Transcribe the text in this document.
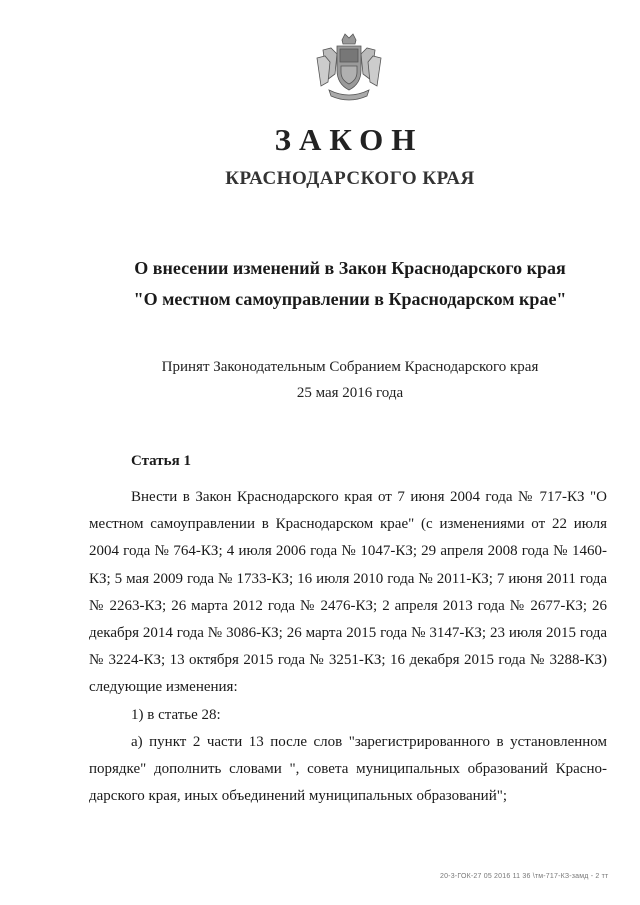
ЗАКОН
КРАСНОДАРСКОГО КРАЯ
О внесении изменений в Закон Краснодарского края
"О местном самоуправлении в Краснодарском крае"
Принят Законодательным Собранием Краснодарского края
25 мая 2016 года
Статья 1

Внести в Закон Краснодарского края от 7 июня 2004 года № 717-КЗ "О местном самоуправлении в Краснодарском крае" (с изменениями от 22 июля 2004 года № 764-КЗ; 4 июля 2006 года № 1047-КЗ; 29 апреля 2008 года № 1460-КЗ; 5 мая 2009 года № 1733-КЗ; 16 июля 2010 года № 2011-КЗ; 7 июня 2011 года № 2263-КЗ; 26 марта 2012 года № 2476-КЗ; 2 апреля 2013 года № 2677-КЗ; 26 декабря 2014 года № 3086-КЗ; 26 марта 2015 года № 3147-КЗ; 23 июля 2015 года № 3224-КЗ; 13 октября 2015 года № 3251-КЗ; 16 декабря 2015 года № 3288-КЗ) следующие изменения:

1) в статье 28:

а) пункт 2 части 13 после слов "зарегистрированного в установленном порядке" дополнить словами ", совета муниципальных образований Краснодарского края, иных объединений муниципальных образований";

20-3-ГОК-27 05 2016 11 36 \тм-717-КЗ-замд - 2 тт
